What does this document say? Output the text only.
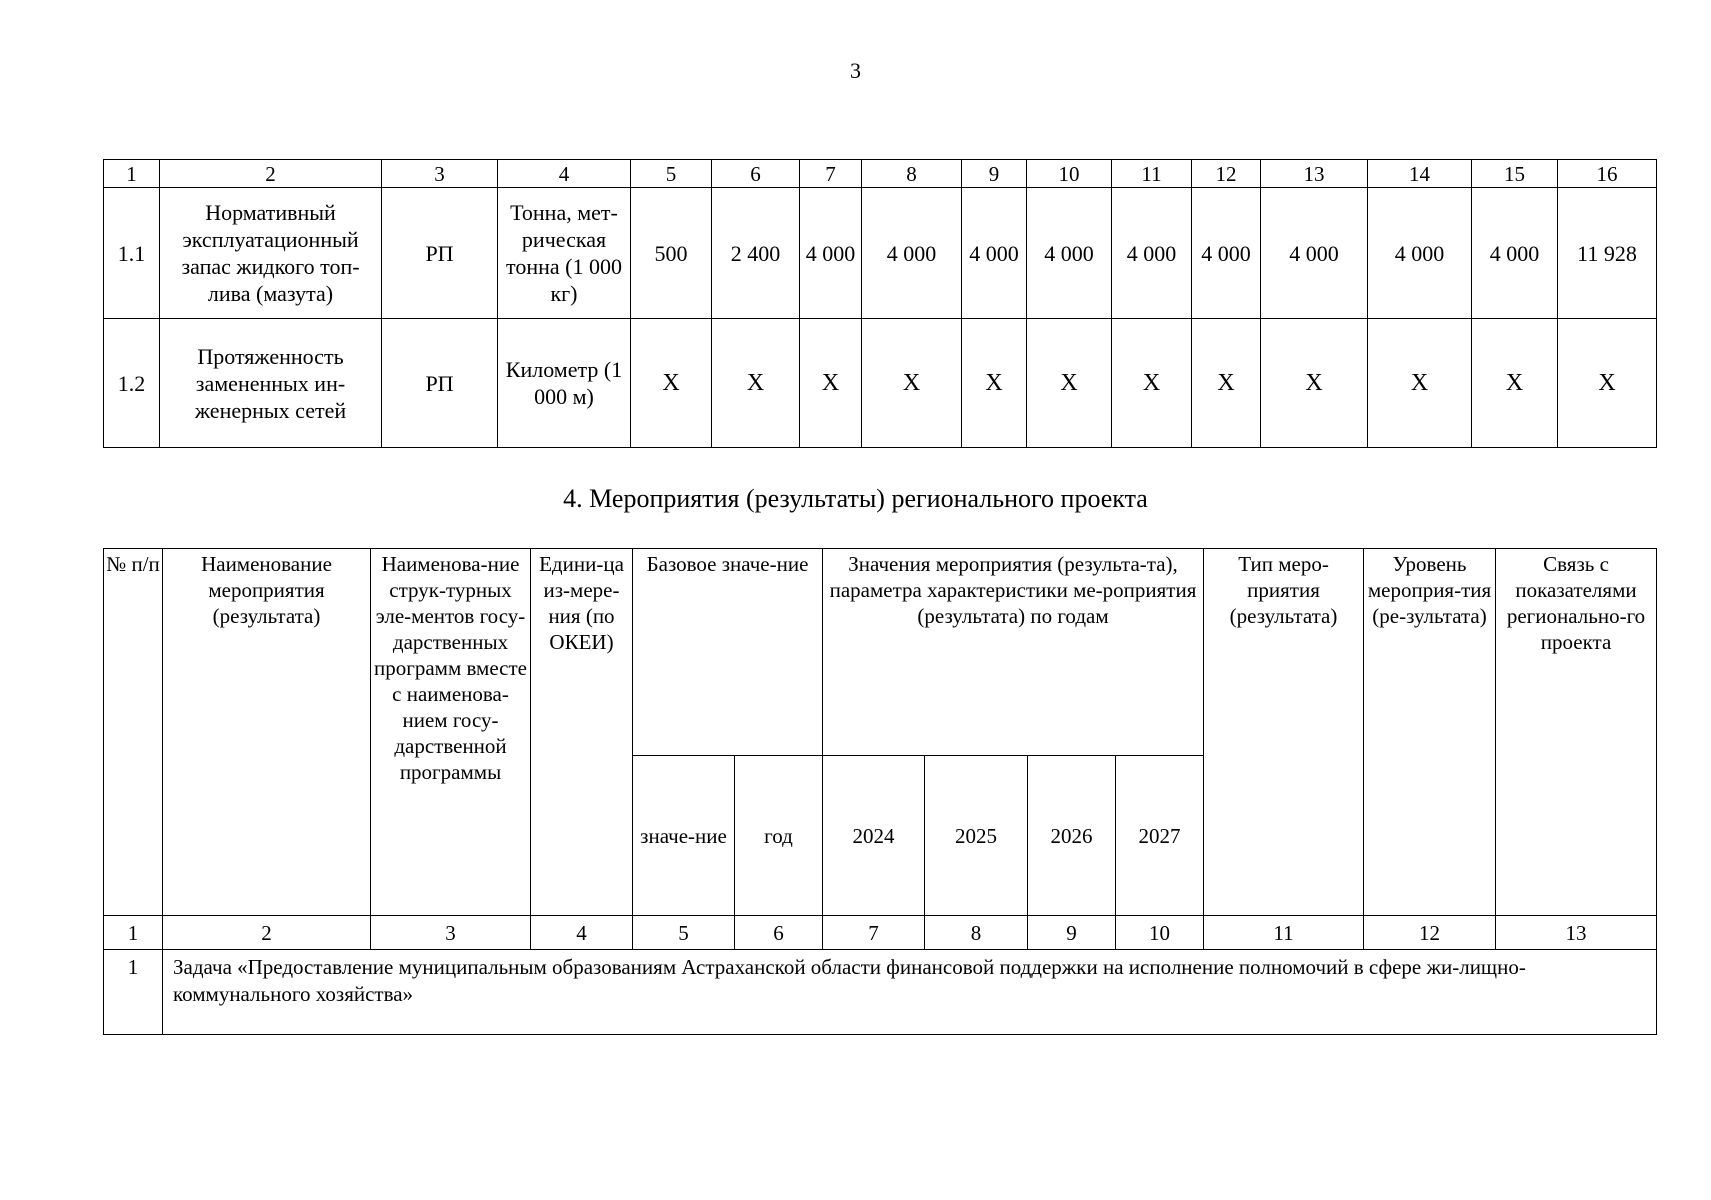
3
1	2	3	4	5	6	7	8	9	10	11	12	13	14	15	16
1.1	Нормативный эксплуатационный запас жидкого топ-лива (мазута)	РП	Тонна, мет-рическая тонна (1 000 кг)	500	2 400	4 000	4 000	4 000	4 000	4 000	4 000	4 000	4 000	4 000	11 928
1.2	Протяженность замененных ин-женерных сетей	РП	Километр (1 000 м)	X	X	X	X	X	X	X	X	X	X	X	X
4. Мероприятия (результаты) регионального проекта
№ п/п	Наименование мероприятия (результата)	Наименова-ние струк-турных эле-ментов госу-дарственных программ вместе с наименова-нием госу-дарственной программы	Едини-ца из-мере-ния (по ОКЕИ)	Базовое значе-ние		Значения мероприятия (результа-та), параметра характеристики ме-роприятия (результата) по годам				Тип меро-приятия (результата)	Уровень мероприя-тия (ре-зультата)	Связь с показателями регионально-го проекта
				значе-ние	год	2024	2025	2026	2027			
1	2	3	4	5	6	7	8	9	10	11	12	13
1	Задача «Предоставление муниципальным образованиям Астраханской области финансовой поддержки на исполнение полномочий в сфере жи-лищно-коммунального хозяйства»											
